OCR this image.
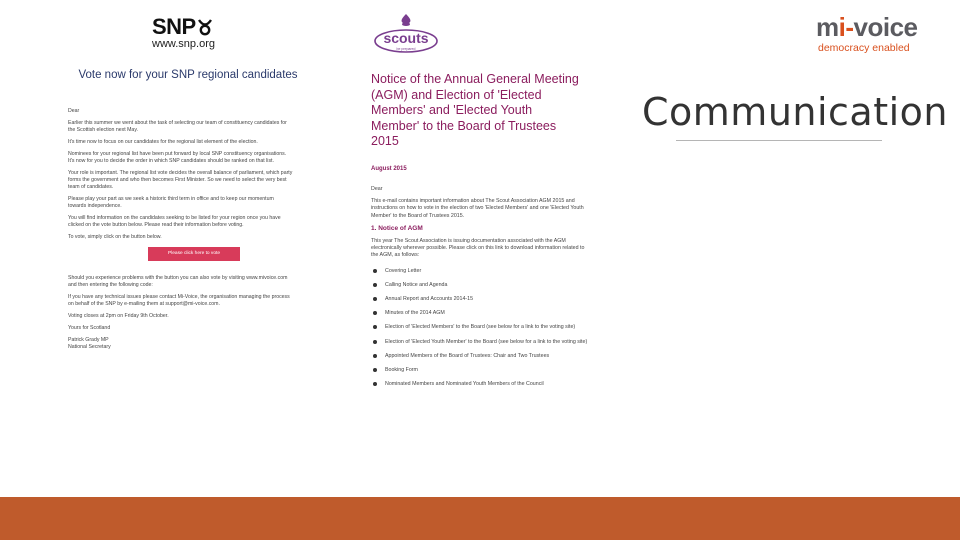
SNP
www.snp.org
Vote now for your SNP regional candidates

Dear

Earlier this summer we went about the task of selecting our team of constituency candidates for the Scottish election next May.

It's time now to focus on our candidates for the regional list element of the election.

Nominees for your regional list have been put forward by local SNP constituency organisations. It's now for you to decide the order in which SNP candidates should be ranked on that list.

Your role is important. The regional list vote decides the overall balance of parliament, which party forms the government and who then becomes First Minister. So we need to select the very best team of candidates.

Please play your part as we seek a historic third term in office and to keep our momentum towards independence.

You will find information on the candidates seeking to be listed for your region once you have clicked on the vote button below. Please read their information before voting.

To vote, simply click on the button below.

Please click here to vote

Should you experience problems with the button you can also vote by visiting www.mivoice.com and then entering the following code:

If you have any technical issues please contact Mi-Voice, the organisation managing the process on behalf of the SNP by e-mailing them at support@mi-voice.com.

Voting closes at 2pm on Friday 9th October.

Yours for Scotland

Patrick Grady MP
National Secretary

scouts
be prepared
Notice of the Annual General Meeting (AGM) and Election of 'Elected Members' and 'Elected Youth Member' to the Board of Trustees 2015
August 2015

Dear

This e-mail contains important information about The Scout Association AGM 2015 and instructions on how to vote in the election of two 'Elected Members' and one 'Elected Youth Member' to the Board of Trustees 2015.

1. Notice of AGM

This year The Scout Association is issuing documentation associated with the AGM electronically wherever possible. Please click on this link to download information related to the AGM, as follows:

Covering Letter
Calling Notice and Agenda
Annual Report and Accounts 2014-15
Minutes of the 2014 AGM
Election of 'Elected Members' to the Board (see below for a link to the voting site)
Election of 'Elected Youth Member' to the Board (see below for a link to the voting site)
Appointed Members of the Board of Trustees: Chair and Two Trustees
Booking Form
Nominated Members and Nominated Youth Members of the Council
mi-voice
democracy enabled
Communication
